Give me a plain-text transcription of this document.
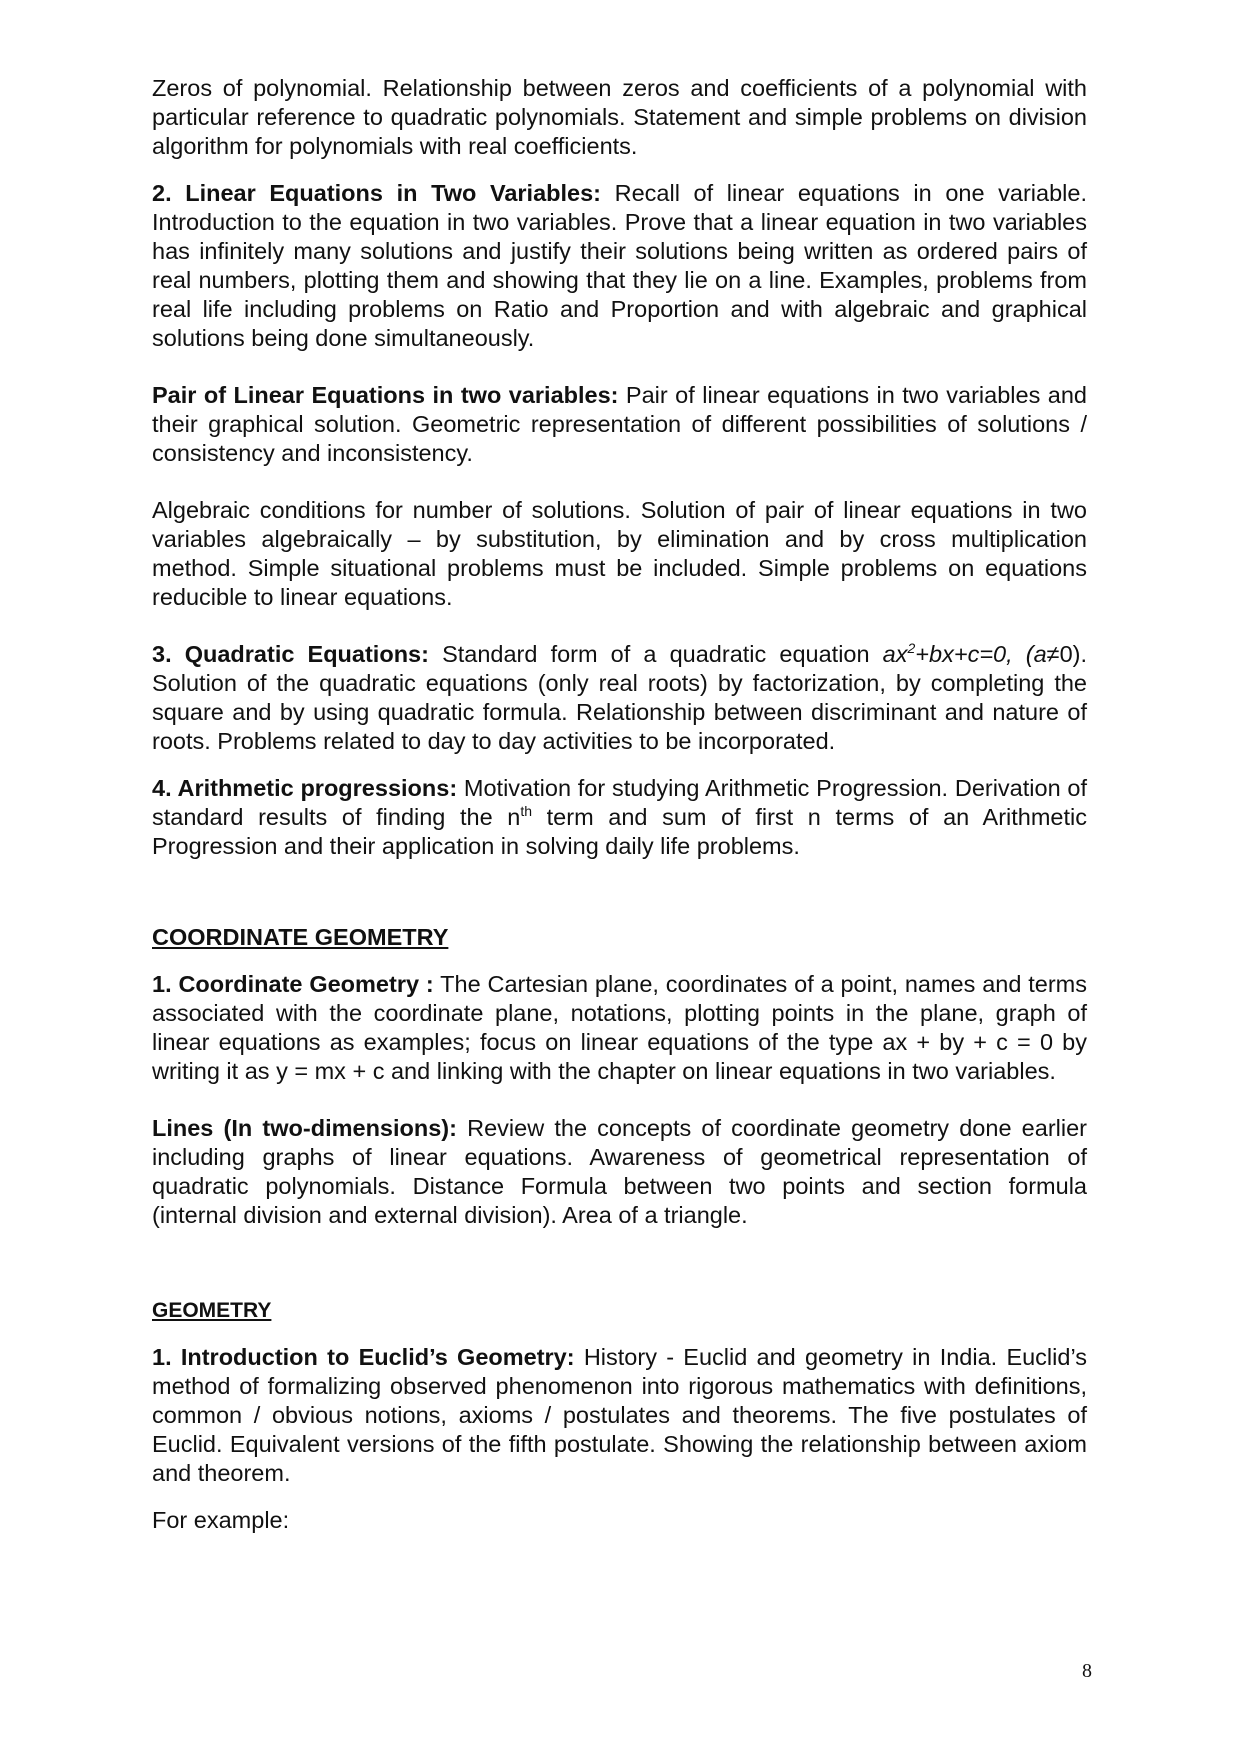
Zeros of polynomial. Relationship between zeros and coefficients of a polynomial with particular reference to quadratic polynomials. Statement and simple problems on division algorithm for polynomials with real coefficients.

2. Linear Equations in Two Variables: Recall of linear equations in one variable. Introduction to the equation in two variables. Prove that a linear equation in two variables has infinitely many solutions and justify their solutions being written as ordered pairs of real numbers, plotting them and showing that they lie on a line. Examples, problems from real life including problems on Ratio and Proportion and with algebraic and graphical solutions being done simultaneously.

Pair of Linear Equations in two variables: Pair of linear equations in two variables and their graphical solution. Geometric representation of different possibilities of solutions / consistency and inconsistency.

Algebraic conditions for number of solutions. Solution of pair of linear equations in two variables algebraically – by substitution, by elimination and by cross multiplication method. Simple situational problems must be included. Simple problems on equations reducible to linear equations.

3. Quadratic Equations: Standard form of a quadratic equation $ax^2+bx+c=0$, (a≠0). Solution of the quadratic equations (only real roots) by factorization, by completing the square and by using quadratic formula. Relationship between discriminant and nature of roots. Problems related to day to day activities to be incorporated.

4. Arithmetic progressions: Motivation for studying Arithmetic Progression. Derivation of standard results of finding the $n^{th}$ term and sum of first n terms of an Arithmetic Progression and their application in solving daily life problems.

COORDINATE GEOMETRY

1. Coordinate Geometry : The Cartesian plane, coordinates of a point, names and terms associated with the coordinate plane, notations, plotting points in the plane, graph of linear equations as examples; focus on linear equations of the type ax + by + c = 0 by writing it as y = mx + c and linking with the chapter on linear equations in two variables.

Lines (In two-dimensions): Review the concepts of coordinate geometry done earlier including graphs of linear equations. Awareness of geometrical representation of quadratic polynomials. Distance Formula between two points and section formula (internal division and external division). Area of a triangle.

GEOMETRY

1. Introduction to Euclid’s Geometry: History - Euclid and geometry in India. Euclid’s method of formalizing observed phenomenon into rigorous mathematics with definitions, common / obvious notions, axioms / postulates and theorems. The five postulates of Euclid. Equivalent versions of the fifth postulate. Showing the relationship between axiom and theorem.

For example:

8
